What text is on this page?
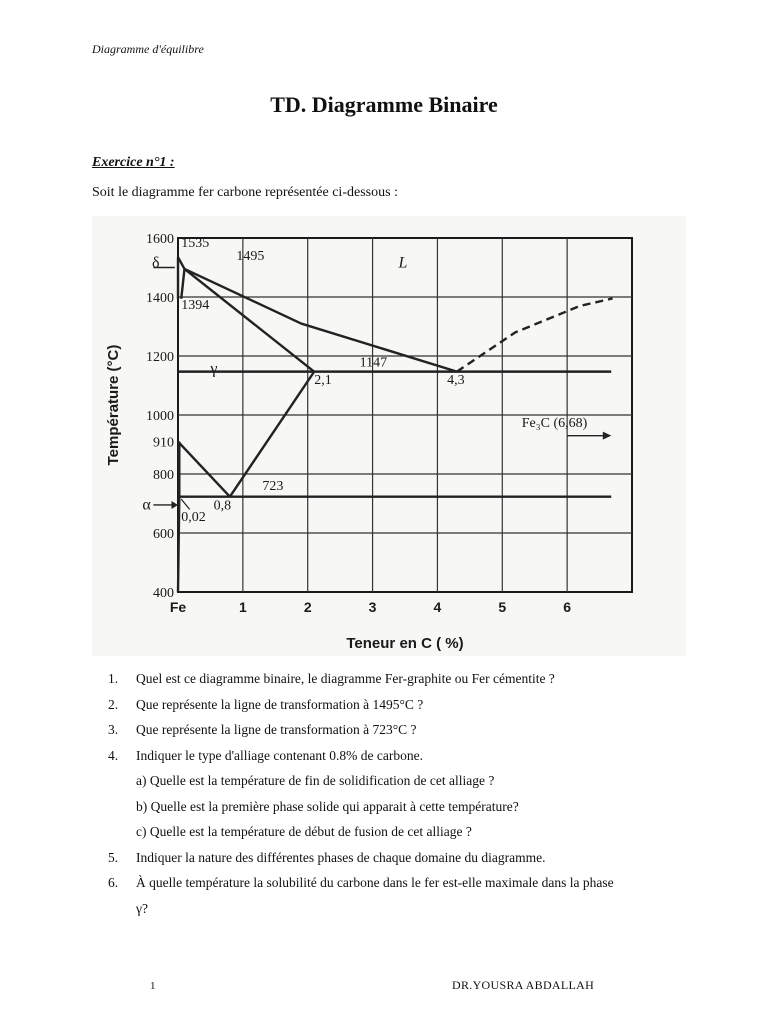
Diagramme d'équilibre
TD. Diagramme Binaire
Exercice n°1 :
Soit le diagramme fer carbone représentée ci-dessous :
Fe	1	2	3	4	5	6
400
600
800
1000
1200
1400
1600
910
1535
1495	L
δ
1394
1147
γ
2,1	4,3
Fe₃C (6,68)
723
0,8
α
0,02
Teneur en C ( %)
Température (°C)
1.	Quel est ce diagramme binaire, le diagramme Fer-graphite ou Fer cémentite ?
2.	Que représente la ligne de transformation à 1495°C ?
3.	Que représente la ligne de transformation à 723°C ?
4.	Indiquer le type d'alliage contenant 0.8% de carbone.
a) Quelle est la température de fin de solidification de cet alliage ?
b) Quelle est la première phase solide qui apparait à cette température?
c) Quelle est la température de début de fusion de cet alliage ?
5.	Indiquer la nature des différentes phases de chaque domaine du diagramme.
6.	À quelle température la solubilité du carbone dans le fer est-elle maximale dans la phase
γ?
1	DR.YOUSRA ABDALLAH
